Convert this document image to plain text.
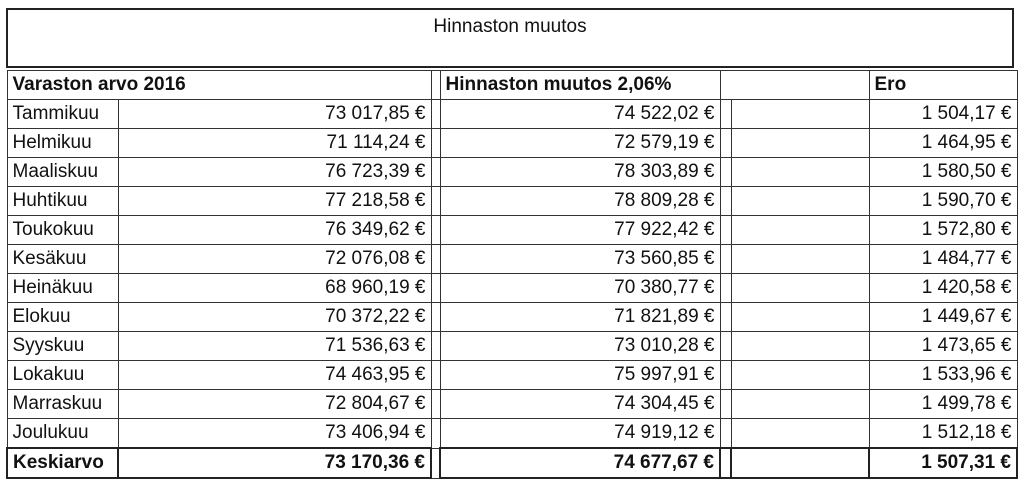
Hinnaston muutos
Varaston arvo 2016			Hinnaston muutos 2,06%			Ero
Tammikuu	73 017,85 €		74 522,02 €			1 504,17 €
Helmikuu	71 114,24 €		72 579,19 €			1 464,95 €
Maaliskuu	76 723,39 €		78 303,89 €			1 580,50 €
Huhtikuu	77 218,58 €		78 809,28 €			1 590,70 €
Toukokuu	76 349,62 €		77 922,42 €			1 572,80 €
Kesäkuu	72 076,08 €		73 560,85 €			1 484,77 €
Heinäkuu	68 960,19 €		70 380,77 €			1 420,58 €
Elokuu	70 372,22 €		71 821,89 €			1 449,67 €
Syyskuu	71 536,63 €		73 010,28 €			1 473,65 €
Lokakuu	74 463,95 €		75 997,91 €			1 533,96 €
Marraskuu	72 804,67 €		74 304,45 €			1 499,78 €
Joulukuu	73 406,94 €		74 919,12 €			1 512,18 €
Keskiarvo	73 170,36 €		74 677,67 €			1 507,31 €
